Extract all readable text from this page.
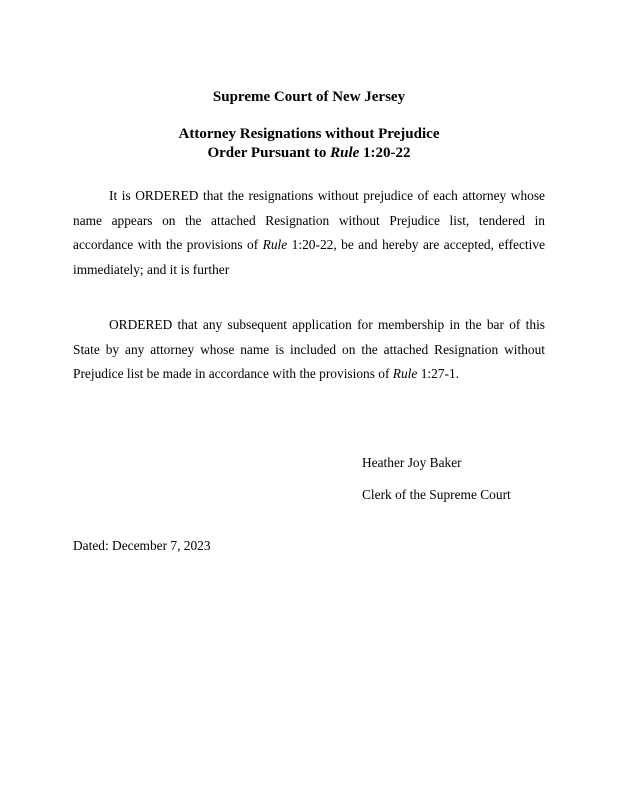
Supreme Court of New Jersey
Attorney Resignations without Prejudice
Order Pursuant to Rule 1:20-22

It is ORDERED that the resignations without prejudice of each attorney whose name appears on the attached Resignation without Prejudice list, tendered in accordance with the provisions of Rule 1:20-22, be and hereby are accepted, effective immediately; and it is further

ORDERED that any subsequent application for membership in the bar of this State by any attorney whose name is included on the attached Resignation without Prejudice list be made in accordance with the provisions of Rule 1:27-1.

Heather Joy Baker
Clerk of the Supreme Court
Dated: December 7, 2023
